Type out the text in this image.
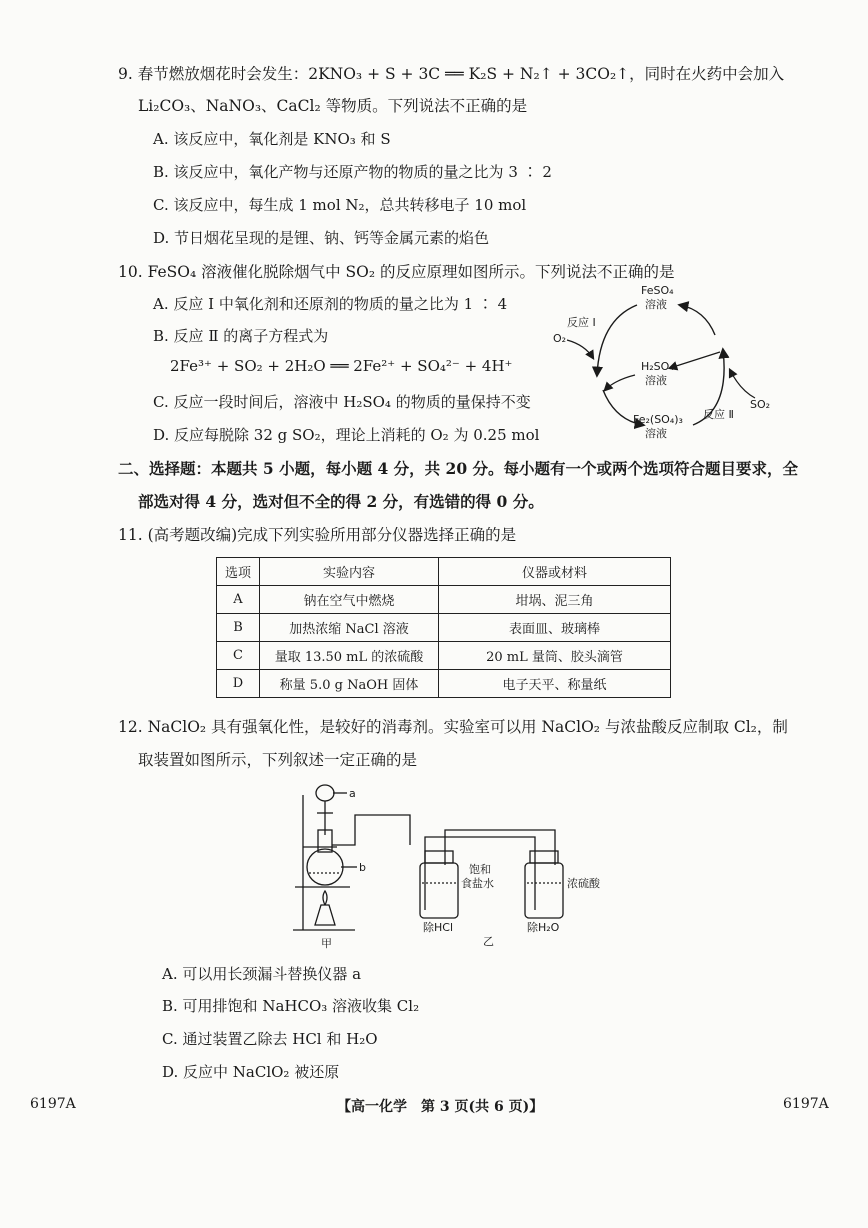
9. 春节燃放烟花时会发生：2KNO₃ + S + 3C ══ K₂S + N₂↑ + 3CO₂↑，同时在火药中会加入
Li₂CO₃、NaNO₃、CaCl₂ 等物质。下列说法不正确的是
A. 该反应中，氧化剂是 KNO₃ 和 S
B. 该反应中，氧化产物与还原产物的物质的量之比为 3 ∶ 2
C. 该反应中，每生成 1 mol N₂，总共转移电子 10 mol
D. 节日烟花呈现的是锂、钠、钙等金属元素的焰色
10. FeSO₄ 溶液催化脱除烟气中 SO₂ 的反应原理如图所示。下列说法不正确的是
A. 反应 Ⅰ 中氧化剂和还原剂的物质的量之比为 1 ∶ 4
B. 反应 Ⅱ 的离子方程式为
2Fe³⁺ + SO₂ + 2H₂O ══ 2Fe²⁺ + SO₄²⁻ + 4H⁺
C. 反应一段时间后，溶液中 H₂SO₄ 的物质的量保持不变
D. 反应每脱除 32 g SO₂，理论上消耗的 O₂ 为 0.25 mol
FeSO₄
溶液
H₂SO₄
溶液
Fe₂(SO₄)₃
溶液
反应 Ⅰ
反应 Ⅱ
O₂
SO₂
二、选择题：本题共 5 小题，每小题 4 分，共 20 分。每小题有一个或两个选项符合题目要求，全
部选对得 4 分，选对但不全的得 2 分，有选错的得 0 分。
11. (高考题改编)完成下列实验所用部分仪器选择正确的是
选项	实验内容	仪器或材料
A	钠在空气中燃烧	坩埚、泥三角
B	加热浓缩 NaCl 溶液	表面皿、玻璃棒
C	量取 13.50 mL 的浓硫酸	20 mL 量筒、胶头滴管
D	称量 5.0 g NaOH 固体	电子天平、称量纸
12. NaClO₂ 具有强氧化性，是较好的消毒剂。实验室可以用 NaClO₂ 与浓盐酸反应制取 Cl₂，制
取装置如图所示，下列叙述一定正确的是
a
b
甲	乙
饱和
食盐水
除HCl
浓硫酸
除H₂O
A. 可以用长颈漏斗替换仪器 a
B. 可用排饱和 NaHCO₃ 溶液收集 Cl₂
C. 通过装置乙除去 HCl 和 H₂O
D. 反应中 NaClO₂ 被还原
6197A	【高一化学　第 3 页(共 6 页)】	6197A
